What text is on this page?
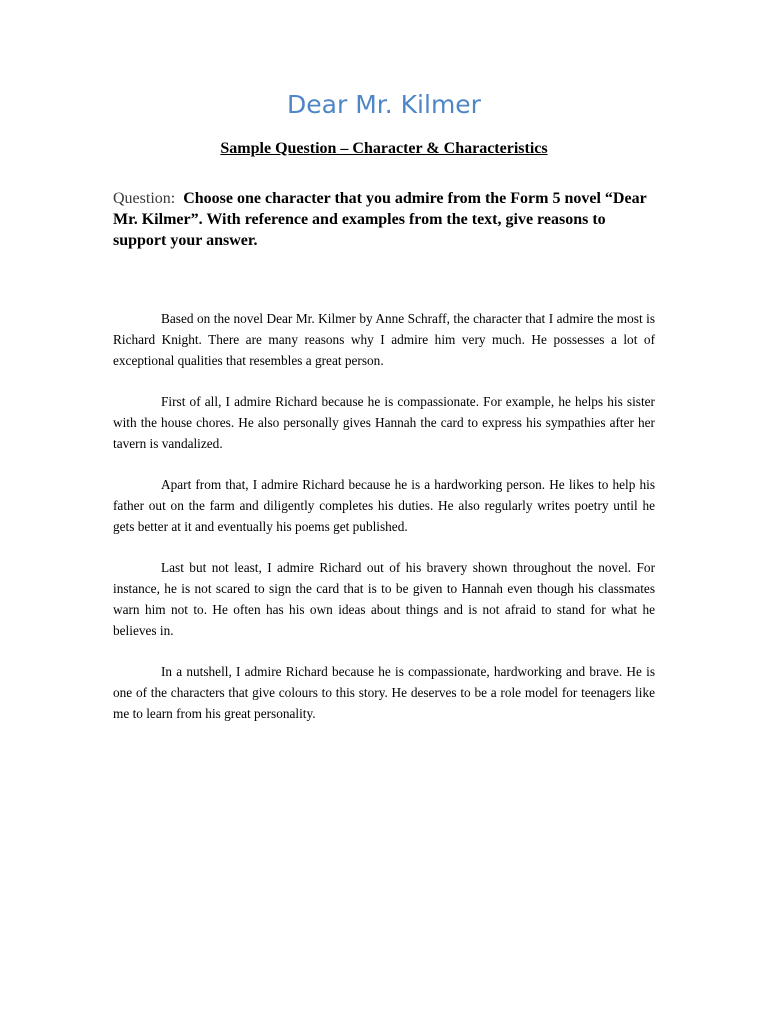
Dear Mr. Kilmer
Sample Question – Character & Characteristics

Question: Choose one character that you admire from the Form 5 novel “Dear Mr. Kilmer”. With reference and examples from the text, give reasons to support your answer.

Based on the novel Dear Mr. Kilmer by Anne Schraff, the character that I admire the most is Richard Knight. There are many reasons why I admire him very much. He possesses a lot of exceptional qualities that resembles a great person.

First of all, I admire Richard because he is compassionate. For example, he helps his sister with the house chores. He also personally gives Hannah the card to express his sympathies after her tavern is vandalized.

Apart from that, I admire Richard because he is a hardworking person. He likes to help his father out on the farm and diligently completes his duties. He also regularly writes poetry until he gets better at it and eventually his poems get published.

Last but not least, I admire Richard out of his bravery shown throughout the novel. For instance, he is not scared to sign the card that is to be given to Hannah even though his classmates warn him not to. He often has his own ideas about things and is not afraid to stand for what he believes in.

In a nutshell, I admire Richard because he is compassionate, hardworking and brave. He is one of the characters that give colours to this story. He deserves to be a role model for teenagers like me to learn from his great personality.
